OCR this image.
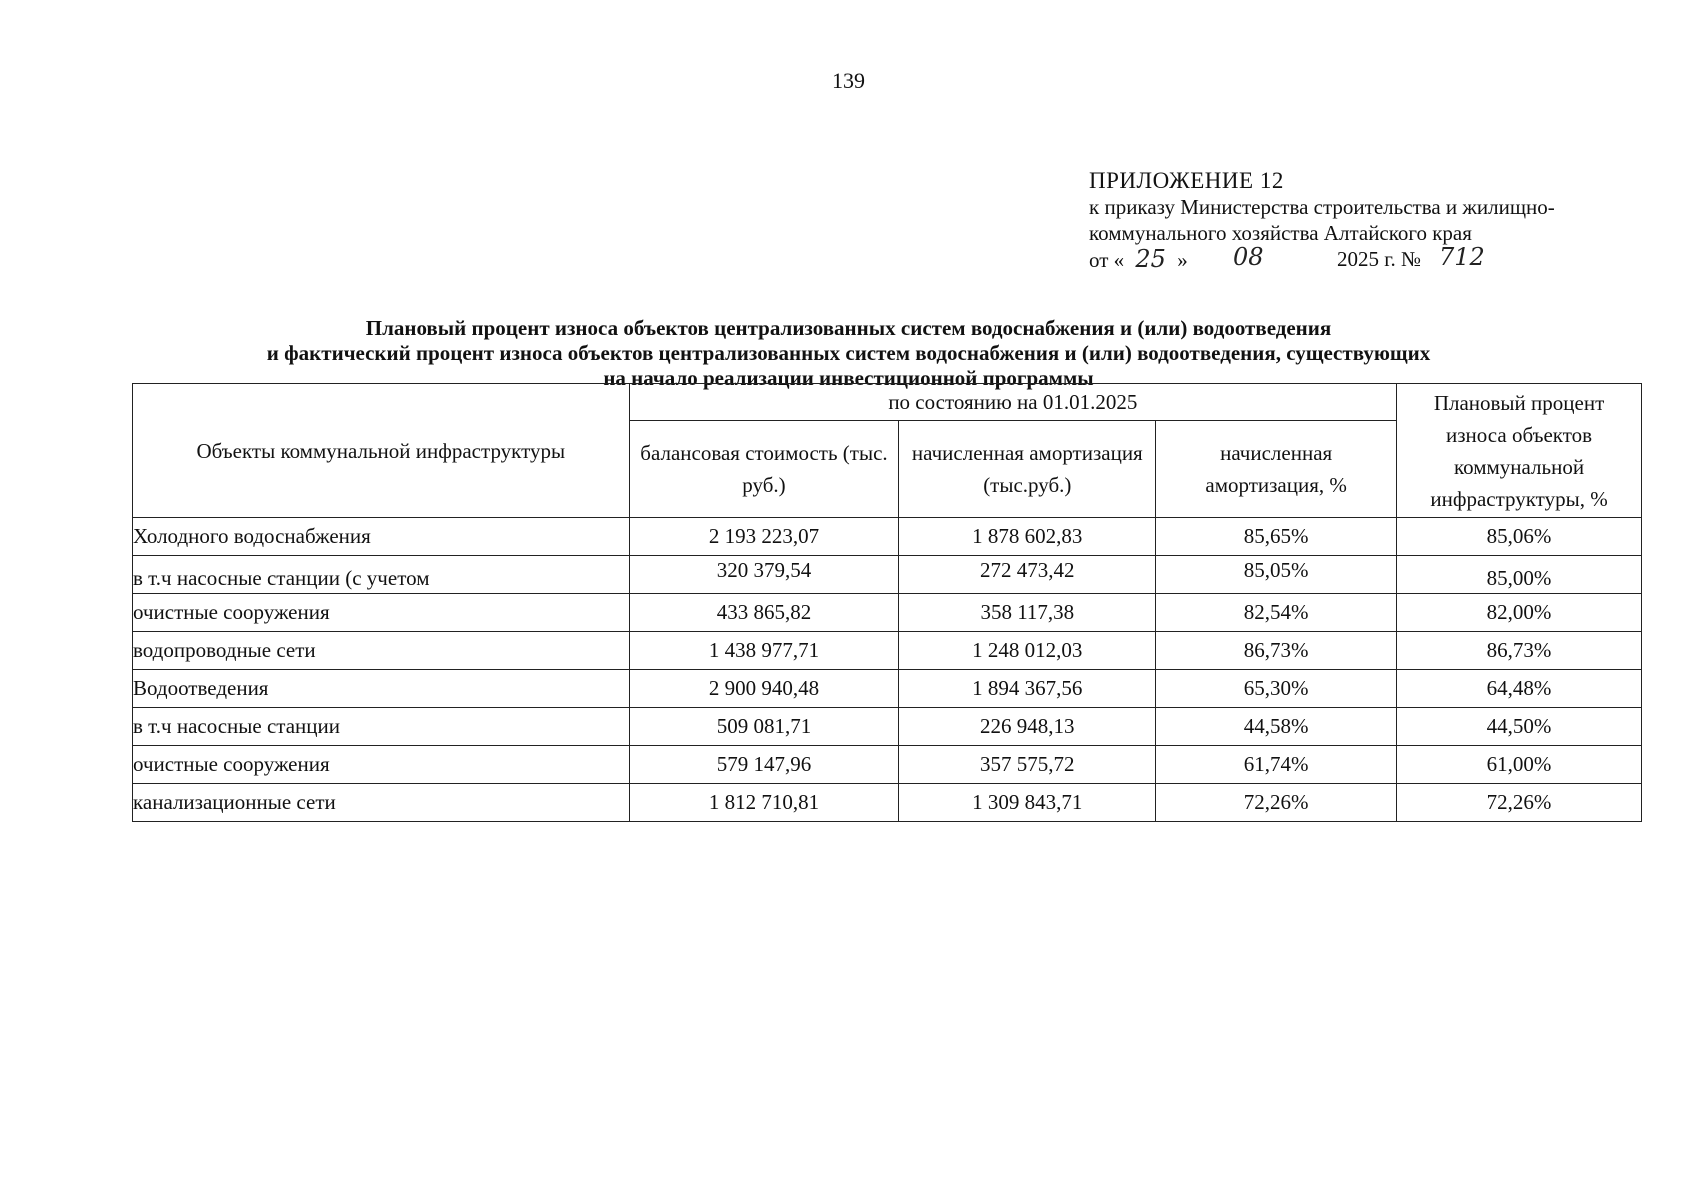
139
ПРИЛОЖЕНИЕ 12
к приказу Министерства строительства и жилищно-
коммунального хозяйства Алтайского края
от « 25 » 08	2025 г. № 712
Плановый процент износа объектов централизованных систем водоснабжения и (или) водоотведения
и фактический процент износа объектов централизованных систем водоснабжения и (или) водоотведения, существующих
на начало реализации инвестиционной программы
Объекты коммунальной инфраструктуры	по состоянию на 01.01.2025			Плановый процент износа объектов коммунальной инфраструктуры, %
	балансовая стоимость (тыс. руб.)	начисленная амортизация (тыс.руб.)	начисленная амортизация, %	
Холодного водоснабжения	2 193 223,07	1 878 602,83	85,65%	85,06%
в т.ч насосные станции (с учетом	320 379,54	272 473,42	85,05%	85,00%
очистные сооружения	433 865,82	358 117,38	82,54%	82,00%
водопроводные сети	1 438 977,71	1 248 012,03	86,73%	86,73%
Водоотведения	2 900 940,48	1 894 367,56	65,30%	64,48%
в т.ч насосные станции	509 081,71	226 948,13	44,58%	44,50%
очистные сооружения	579 147,96	357 575,72	61,74%	61,00%
канализационные сети	1 812 710,81	1 309 843,71	72,26%	72,26%
